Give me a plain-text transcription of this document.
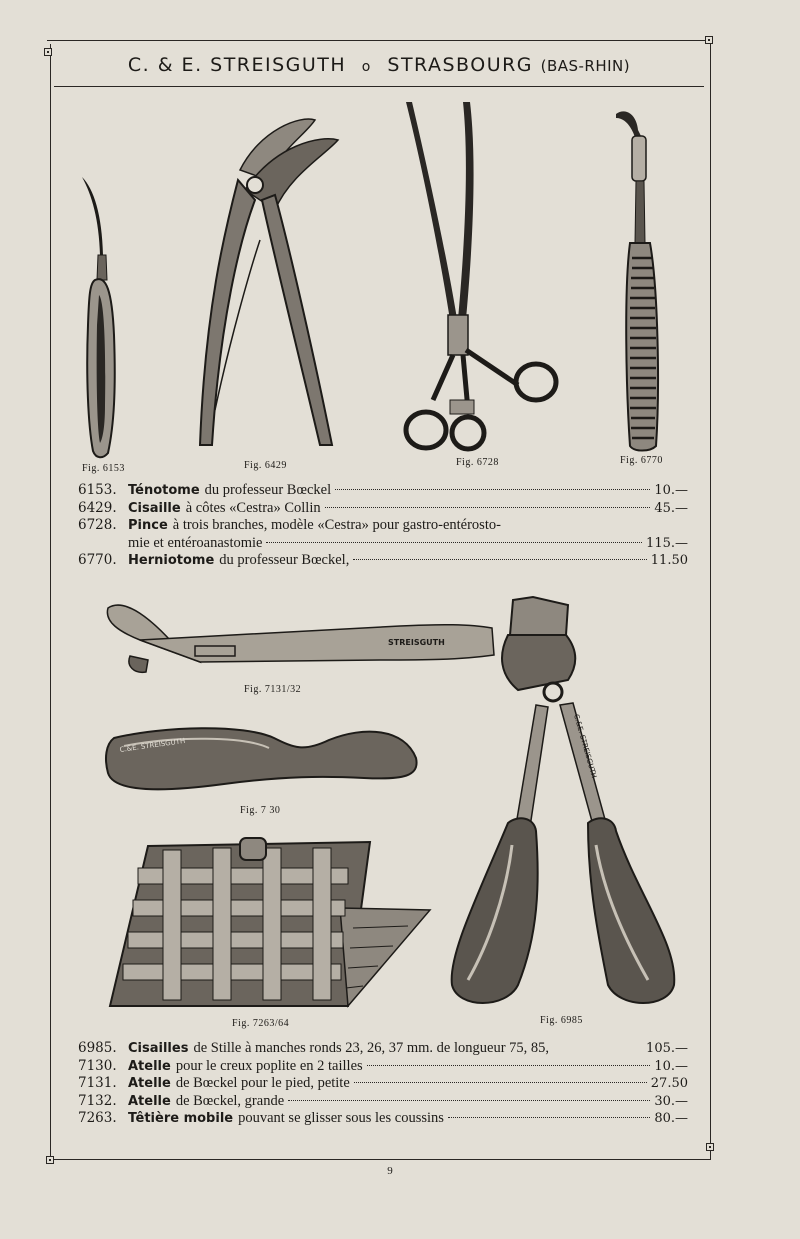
C. & E. STREISGUTH o STRASBOURG (BAS-RHIN)
Fig. 6153	Fig. 6429	Fig. 6728	Fig. 6770
6153. Ténotome du professeur Bœckel	10.—
6429. Cisaille à côtes «Cestra» Collin	45.—
6728. Pince à trois branches, modèle «Cestra» pour gastro-entérosto-
mie et entéroanastomie	115.—
6770. Herniotome du professeur Bœckel,	11.50
STREISGUTH
Fig. 7131/32
C.&E. STREISGUTH
Fig. 7 30
Fig. 7263/64
C.&E. STREISGUTH
Fig. 6985
6985. Cisailles de Stille à manches ronds 23, 26, 37 mm. de longueur 75, 85,	105.—
7130. Atelle pour le creux poplite en 2 tailles	10.—
7131. Atelle de Bœckel pour le pied, petite	27.50
7132. Atelle de Bœckel, grande	30.—
7263. Têtière mobile pouvant se glisser sous les coussins	80.—
9
